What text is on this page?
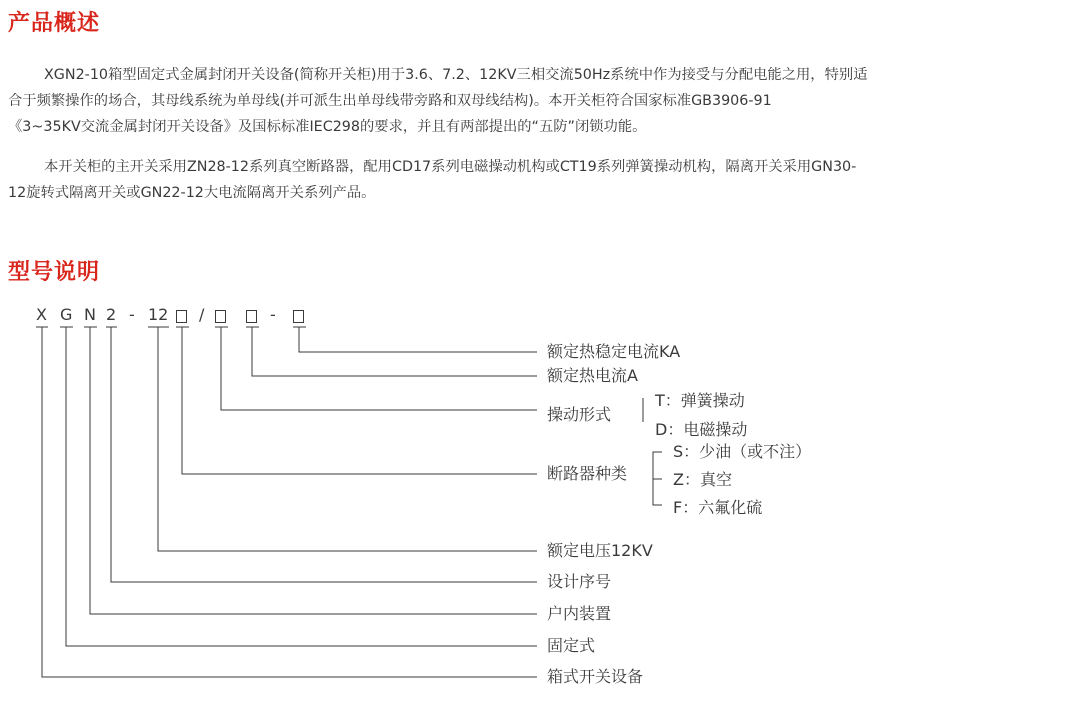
产品概述

XGN2-10箱型固定式金属封闭开关设备(简称开关柜)用于3.6、7.2、12KV三相交流50Hz系统中作为接受与分配电能之用，特别适

合于频繁操作的场合，其母线系统为单母线(并可派生出单母线带旁路和双母线结构)。本开关柜符合国家标准GB3906-91

《3~35KV交流金属封闭开关设备》及国标标准IEC298的要求，并且有两部提出的“五防”闭锁功能。

本开关柜的主开关采用ZN28-12系列真空断路器，配用CD17系列电磁操动机构或CT19系列弹簧操动机构，隔离开关采用GN30-

12旋转式隔离开关或GN22-12大电流隔离开关系列产品。

型号说明
X G N 2 - 12 /	-
额定热稳定电流KA
额定热电流A
操动形式
T：弹簧操动
D：电磁操动
断路器种类
S：少油（或不注）
Z：真空
F：六氟化硫
额定电压12KV
设计序号
户内装置
固定式
箱式开关设备
